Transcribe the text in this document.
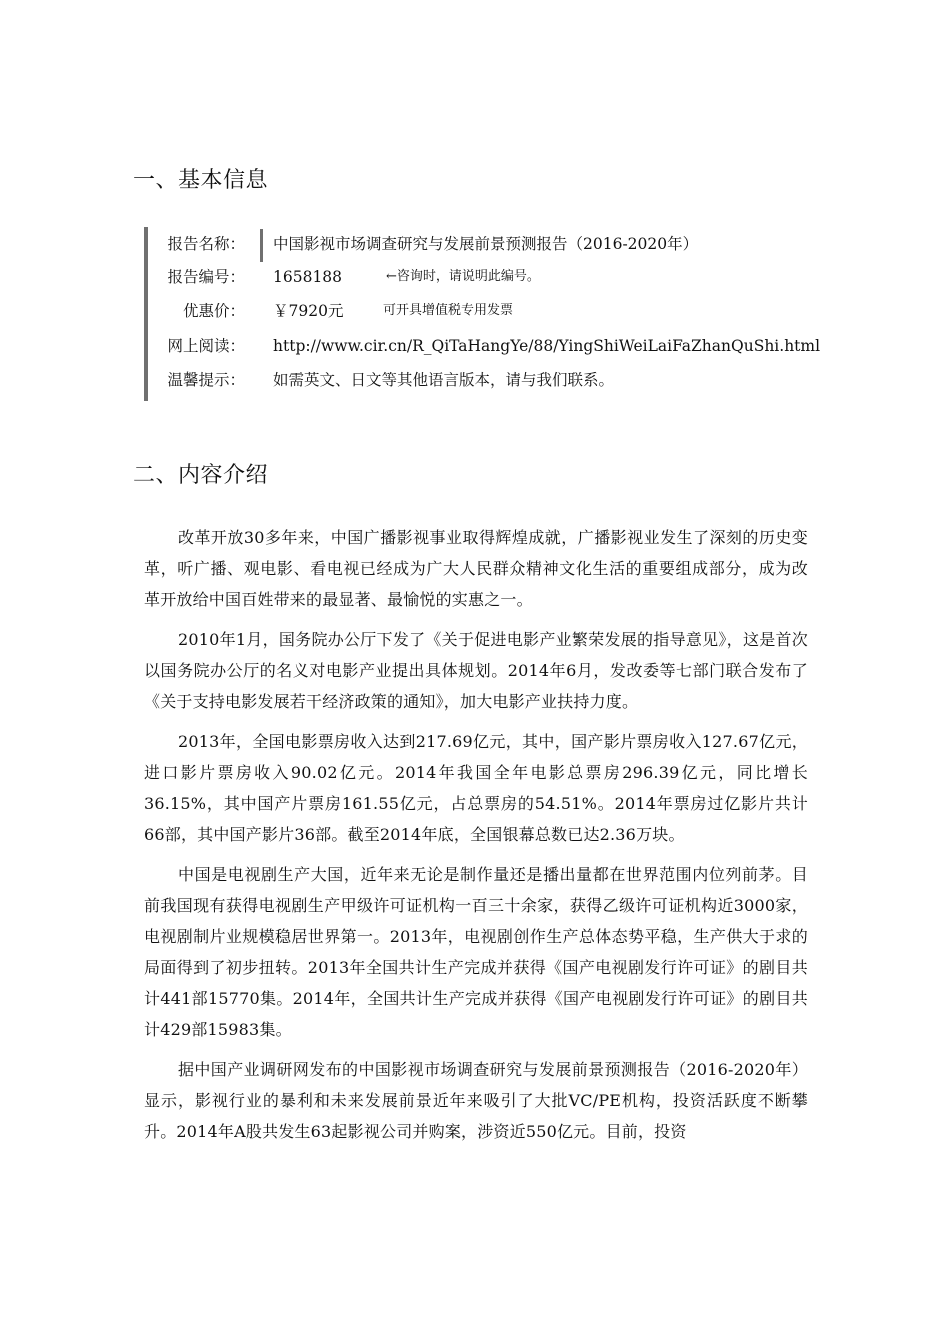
一、基本信息
报告名称： 中国影视市场调查研究与发展前景预测报告（2016-2020年）
报告编号： 1658188	←咨询时，请说明此编号。
优惠价： ￥7920元	可开具增值税专用发票
网上阅读： http://www.cir.cn/R_QiTaHangYe/88/YingShiWeiLaiFaZhanQuShi.html
温馨提示： 如需英文、日文等其他语言版本，请与我们联系。
二、内容介绍

改革开放30多年来，中国广播影视事业取得辉煌成就，广播影视业发生了深刻的历史变革，听广播、观电影、看电视已经成为广大人民群众精神文化生活的重要组成部分，成为改革开放给中国百姓带来的最显著、最愉悦的实惠之一。

2010年1月，国务院办公厅下发了《关于促进电影产业繁荣发展的指导意见》，这是首次以国务院办公厅的名义对电影产业提出具体规划。2014年6月，发改委等七部门联合发布了《关于支持电影发展若干经济政策的通知》，加大电影产业扶持力度。

2013年，全国电影票房收入达到217.69亿元，其中，国产影片票房收入127.67亿元，进口影片票房收入90.02亿元。2014年我国全年电影总票房296.39亿元，同比增长36.15%，其中国产片票房161.55亿元，占总票房的54.51%。2014年票房过亿影片共计66部，其中国产影片36部。截至2014年底，全国银幕总数已达2.36万块。

中国是电视剧生产大国，近年来无论是制作量还是播出量都在世界范围内位列前茅。目前我国现有获得电视剧生产甲级许可证机构一百三十余家，获得乙级许可证机构近3000家，电视剧制片业规模稳居世界第一。2013年，电视剧创作生产总体态势平稳，生产供大于求的局面得到了初步扭转。2013年全国共计生产完成并获得《国产电视剧发行许可证》的剧目共计441部15770集。2014年，全国共计生产完成并获得《国产电视剧发行许可证》的剧目共计429部15983集。

据中国产业调研网发布的中国影视市场调查研究与发展前景预测报告（2016-2020年）显示，影视行业的暴利和未来发展前景近年来吸引了大批VC/PE机构，投资活跃度不断攀升。2014年A股共发生63起影视公司并购案，涉资近550亿元。目前，投资
